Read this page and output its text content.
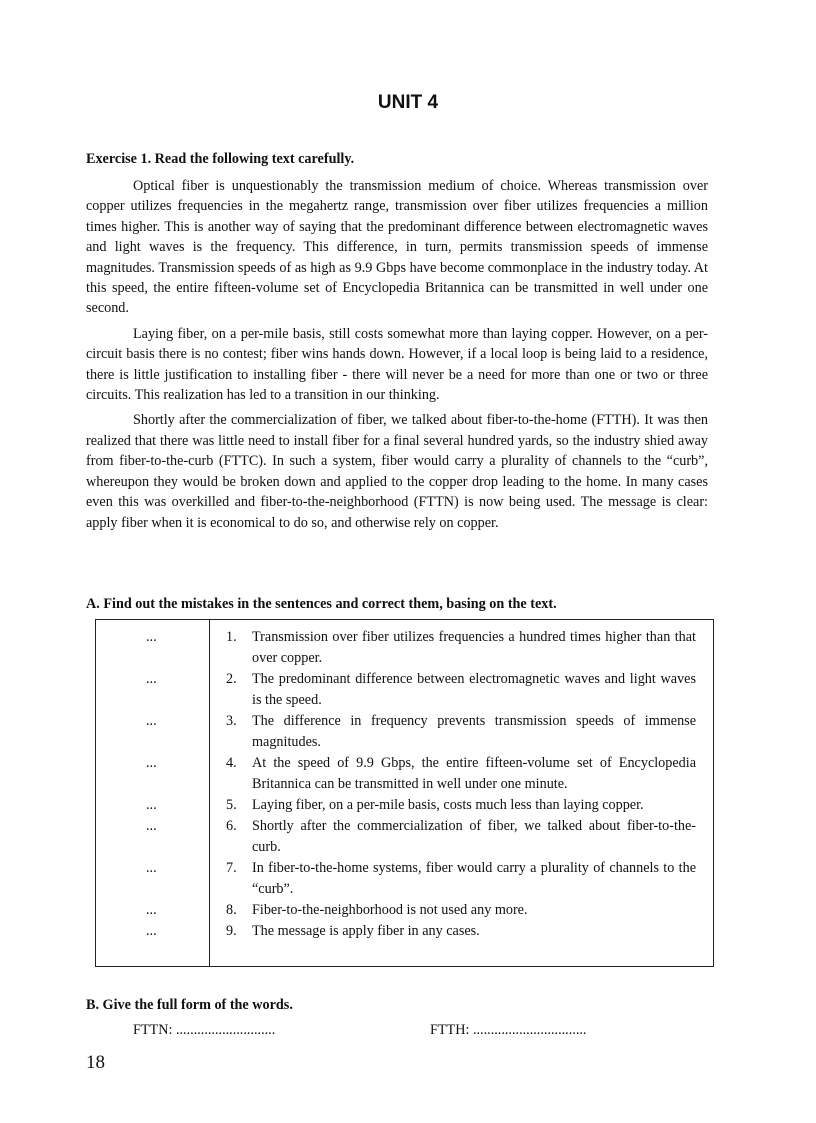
UNIT 4
Exercise 1. Read the following text carefully.

Optical fiber is unquestionably the transmission medium of choice. Whereas transmission over copper utilizes frequencies in the megahertz range, transmission over fiber utilizes frequencies a million times higher. This is another way of saying that the predominant difference between electromagnetic waves and light waves is the frequency. This difference, in turn, permits transmission speeds of immense magnitudes. Transmission speeds of as high as 9.9 Gbps have become commonplace in the industry today. At this speed, the entire fifteen-volume set of Encyclopedia Britannica can be transmitted in well under one second.

Laying fiber, on a per-mile basis, still costs somewhat more than laying copper. However, on a per-circuit basis there is no contest; fiber wins hands down. However, if a local loop is being laid to a residence, there is little justification to installing fiber - there will never be a need for more than one or two or three circuits. This realization has led to a transition in our thinking.

Shortly after the commercialization of fiber, we talked about fiber-to-the-home (FTTH). It was then realized that there was little need to install fiber for a final several hundred yards, so the industry shied away from fiber-to-the-curb (FTTC). In such a system, fiber would carry a plurality of channels to the “curb”, whereupon they would be broken down and applied to the copper drop leading to the home. In many cases even this was overkilled and fiber-to-the-neighborhood (FTTN) is now being used. The message is clear: apply fiber when it is economical to do so, and otherwise rely on copper.

A. Find out the mistakes in the sentences and correct them, basing on the text.
...	1.	Transmission over fiber utilizes frequencies a hundred times higher than that over copper.
...	2.	The predominant difference between electromagnetic waves and light waves is the speed.
...	3.	The difference in frequency prevents transmission speeds of immense magnitudes.
...	4.	At the speed of 9.9 Gbps, the entire fifteen-volume set of Encyclopedia Britannica can be transmitted in well under one minute.
...	5.	Laying fiber, on a per-mile basis, costs much less than laying copper.
...	6.	Shortly after the commercialization of fiber, we talked about fiber-to-the-curb.
...	7.	In fiber-to-the-home systems, fiber would carry a plurality of channels to the “curb”.
...	8.	Fiber-to-the-neighborhood is not used any more.
...	9.	The message is apply fiber in any cases.
B. Give the full form of the words.
FTTN: ............................	FTTH: ................................
18
